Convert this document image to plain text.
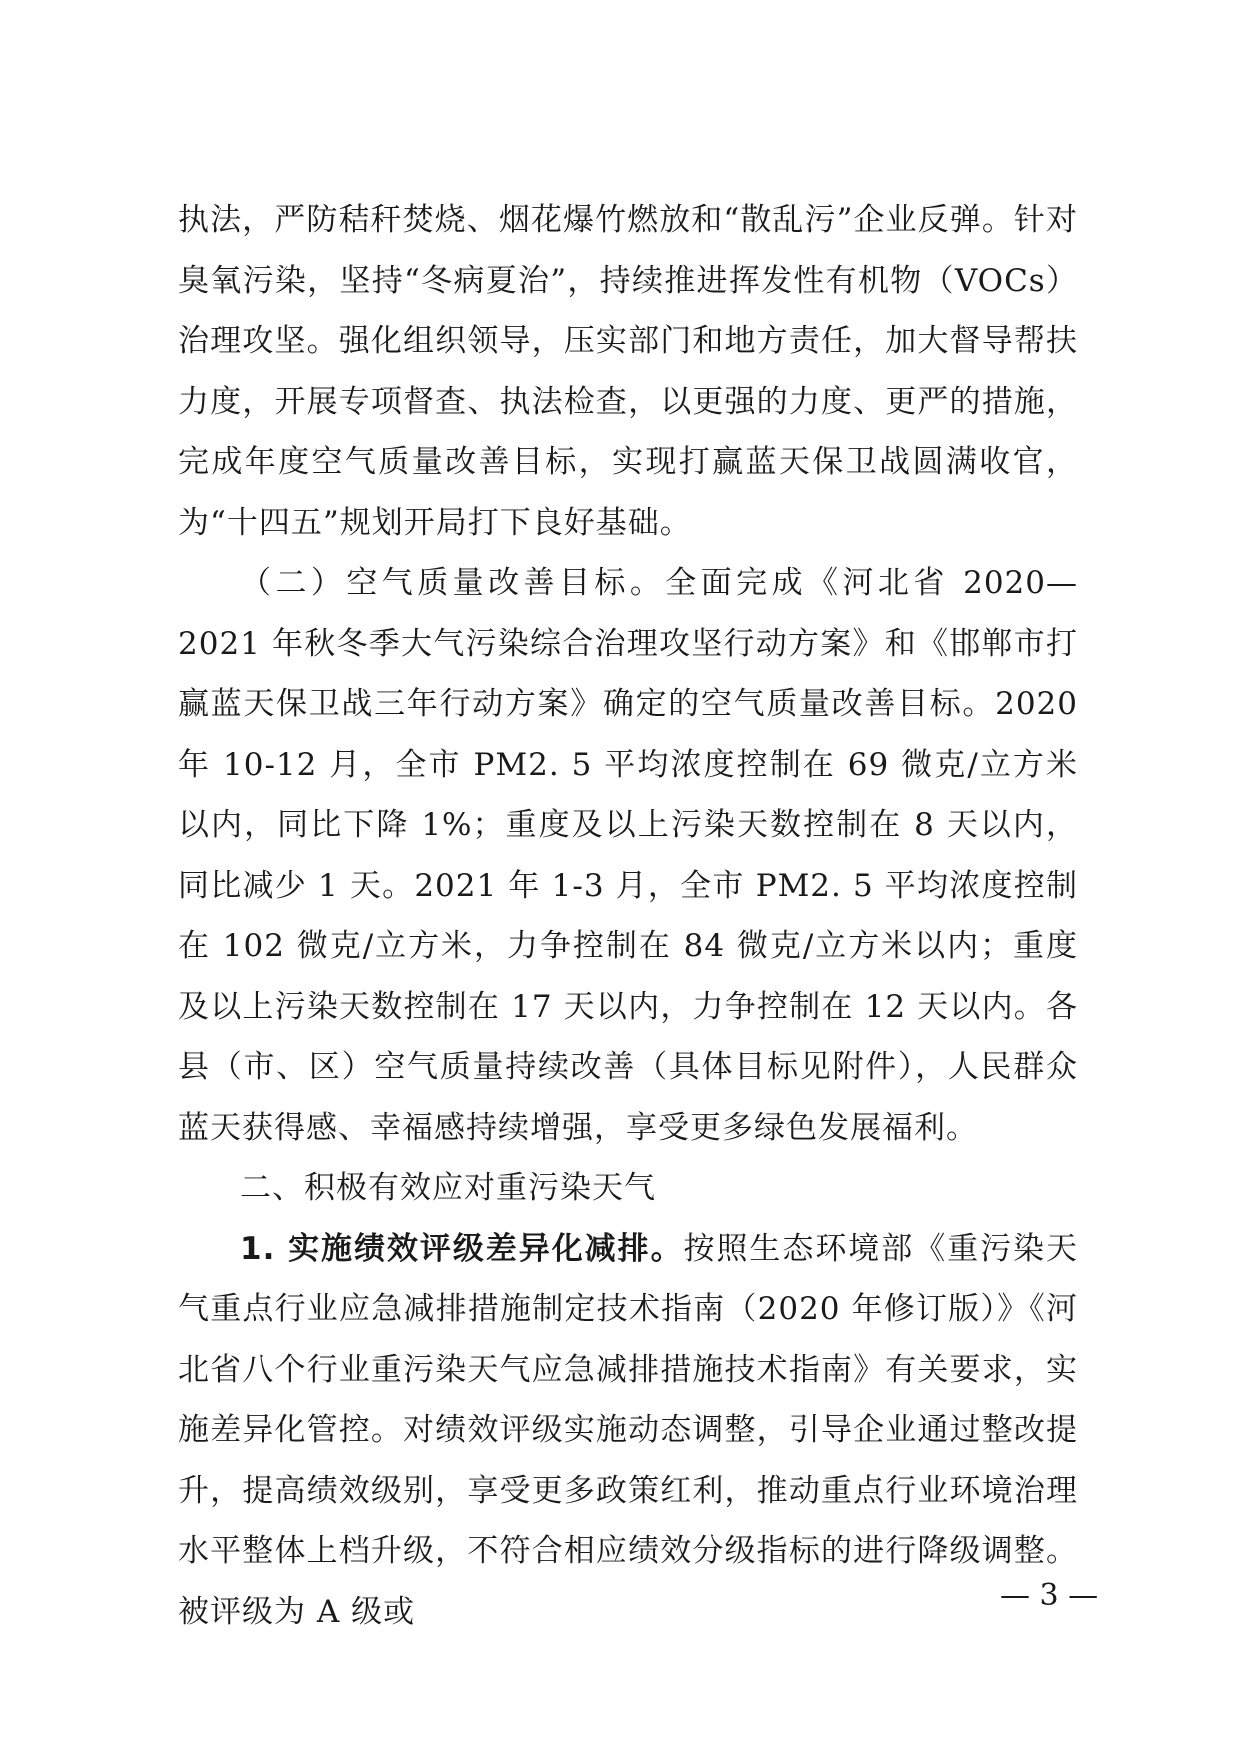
执法，严防秸秆焚烧、烟花爆竹燃放和“散乱污”企业反弹。针对臭氧污染，坚持“冬病夏治”，持续推进挥发性有机物（VOCs）治理攻坚。强化组织领导，压实部门和地方责任，加大督导帮扶力度，开展专项督查、执法检查，以更强的力度、更严的措施，完成年度空气质量改善目标，实现打赢蓝天保卫战圆满收官，为“十四五”规划开局打下良好基础。

（二）空气质量改善目标。全面完成《河北省 2020—2021 年秋冬季大气污染综合治理攻坚行动方案》和《邯郸市打赢蓝天保卫战三年行动方案》确定的空气质量改善目标。2020 年 10-12 月，全市 PM2. 5 平均浓度控制在 69 微克/立方米以内，同比下降 1%；重度及以上污染天数控制在 8 天以内，同比减少 1 天。2021 年 1-3 月，全市 PM2. 5 平均浓度控制在 102 微克/立方米，力争控制在 84 微克/立方米以内；重度及以上污染天数控制在 17 天以内，力争控制在 12 天以内。各县（市、区）空气质量持续改善（具体目标见附件），人民群众蓝天获得感、幸福感持续增强，享受更多绿色发展福利。

二、积极有效应对重污染天气

1. 实施绩效评级差异化减排。按照生态环境部《重污染天气重点行业应急减排措施制定技术指南（2020 年修订版）》《河北省八个行业重污染天气应急减排措施技术指南》有关要求，实施差异化管控。对绩效评级实施动态调整，引导企业通过整改提升，提高绩效级别，享受更多政策红利，推动重点行业环境治理水平整体上档升级，不符合相应绩效分级指标的进行降级调整。被评级为 A 级或	— 3 —
